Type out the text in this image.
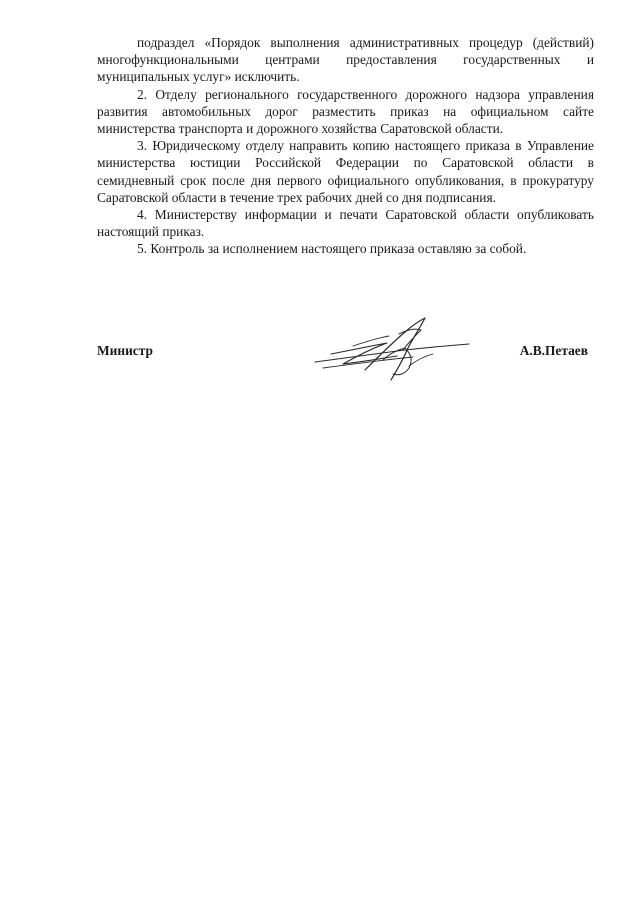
подраздел «Порядок выполнения административных процедур (действий) многофункциональными центрами предоставления государственных и муниципальных услуг» исключить.

2. Отделу регионального государственного дорожного надзора управления развития автомобильных дорог разместить приказ на официальном сайте министерства транспорта и дорожного хозяйства Саратовской области.

3. Юридическому отделу направить копию настоящего приказа в Управление министерства юстиции Российской Федерации по Саратовской области в семидневный срок после дня первого официального опубликования, в прокуратуру Саратовской области в течение трех рабочих дней со дня подписания.

4. Министерству информации и печати Саратовской области опубликовать настоящий приказ.

5. Контроль за исполнением настоящего приказа оставляю за собой.

Министр	А.В.Петаев
